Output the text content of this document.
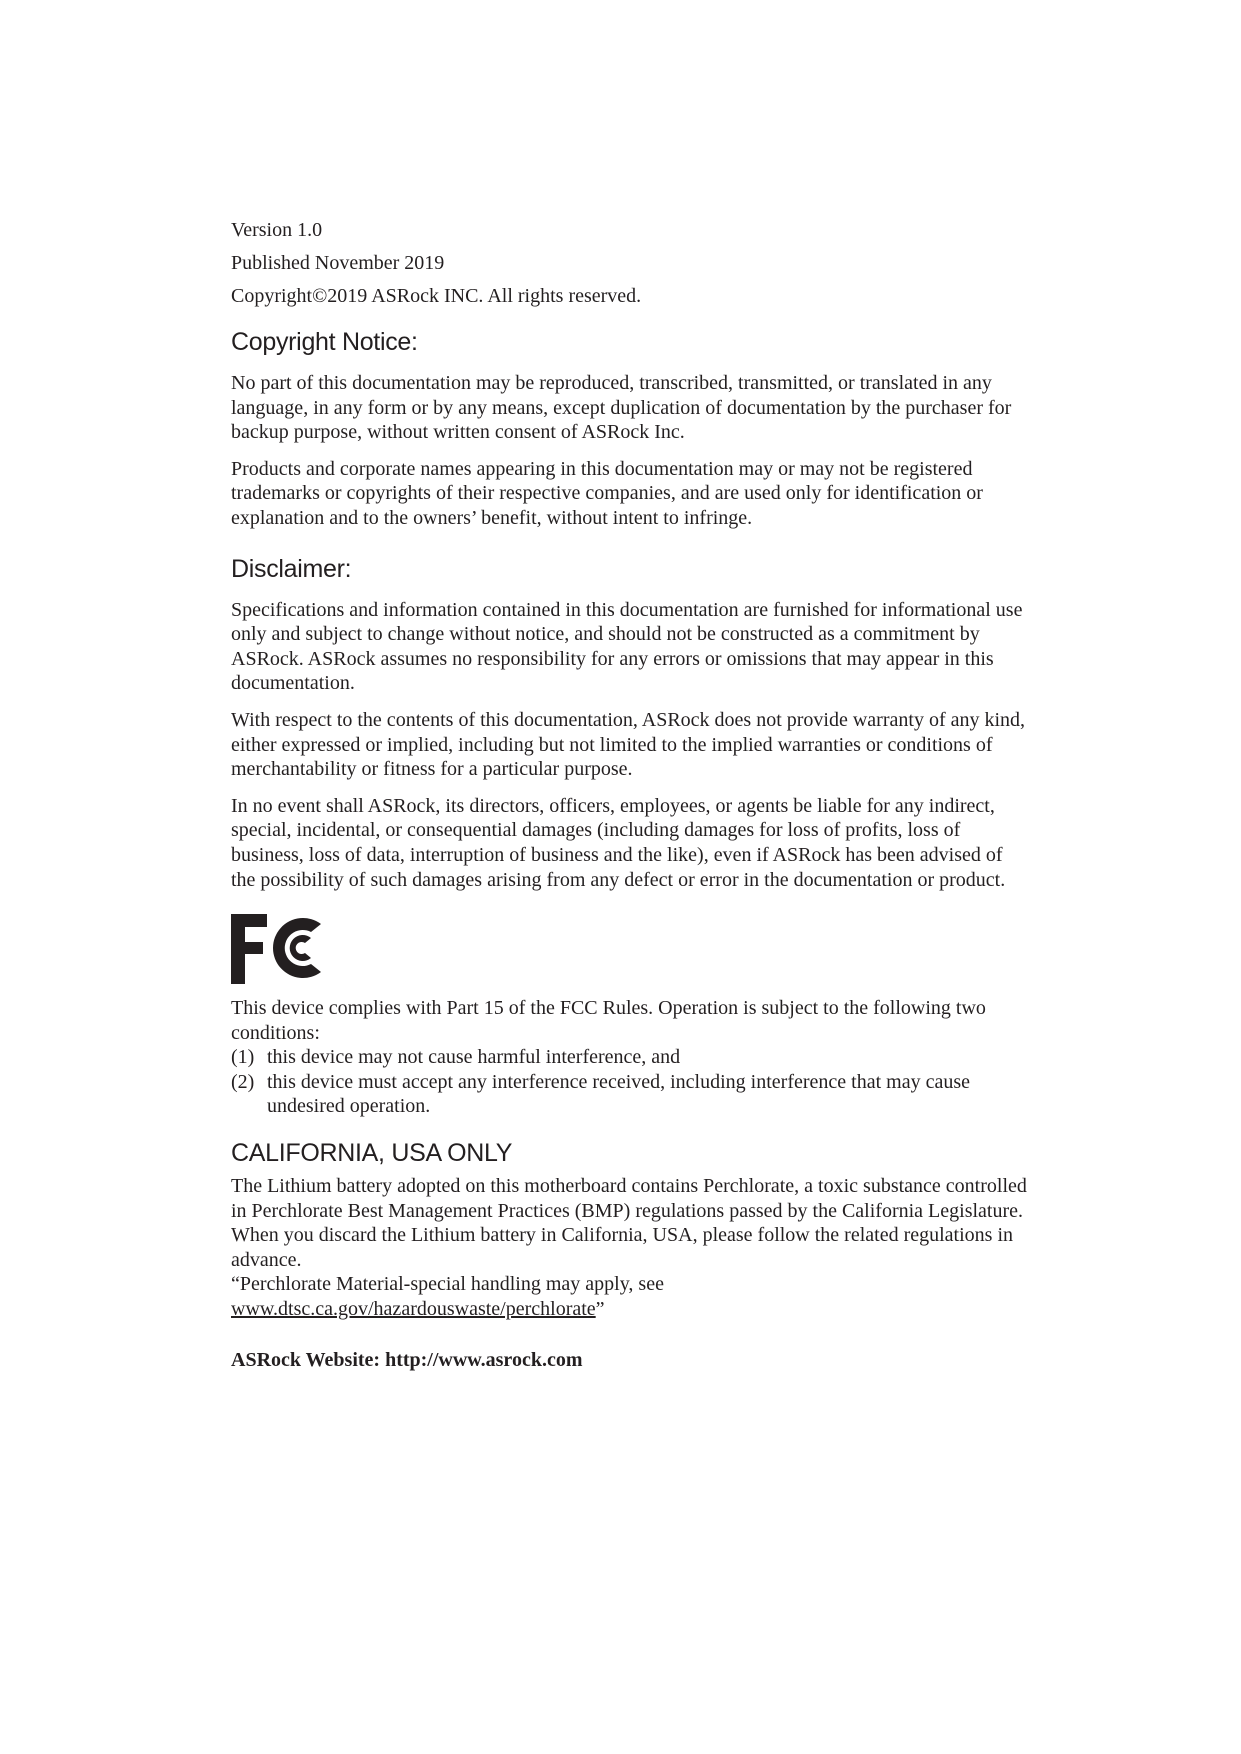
Version 1.0

Published November 2019

Copyright©2019 ASRock INC. All rights reserved.

Copyright Notice:

No part of this documentation may be reproduced, transcribed, transmitted, or translated in any language, in any form or by any means, except duplication of documentation by the purchaser for backup purpose, without written consent of ASRock Inc.

Products and corporate names appearing in this documentation may or may not be registered trademarks or copyrights of their respective companies, and are used only for identification or explanation and to the owners’ benefit, without intent to infringe.

Disclaimer:

Specifications and information contained in this documentation are furnished for informational use only and subject to change without notice, and should not be constructed as a commitment by ASRock. ASRock assumes no responsibility for any errors or omissions that may appear in this documentation.

With respect to the contents of this documentation, ASRock does not provide warranty of any kind, either expressed or implied, including but not limited to the implied warranties or conditions of merchantability or fitness for a particular purpose.

In no event shall ASRock, its directors, officers, employees, or agents be liable for any indirect, special, incidental, or consequential damages (including damages for loss of profits, loss of business, loss of data, interruption of business and the like), even if ASRock has been advised of the possibility of such damages arising from any defect or error in the documentation or product.

This device complies with Part 15 of the FCC Rules. Operation is subject to the following two conditions:

(1) this device may not cause harmful interference, and
(2) this device must accept any interference received, including interference that may cause undesired operation.
CALIFORNIA, USA ONLY

The Lithium battery adopted on this motherboard contains Perchlorate, a toxic substance controlled in Perchlorate Best Management Practices (BMP) regulations passed by the California Legislature. When you discard the Lithium battery in California, USA, please follow the related regulations in advance.
“Perchlorate Material-special handling may apply, see www.dtsc.ca.gov/hazardouswaste/perchlorate”

ASRock Website: http://www.asrock.com
